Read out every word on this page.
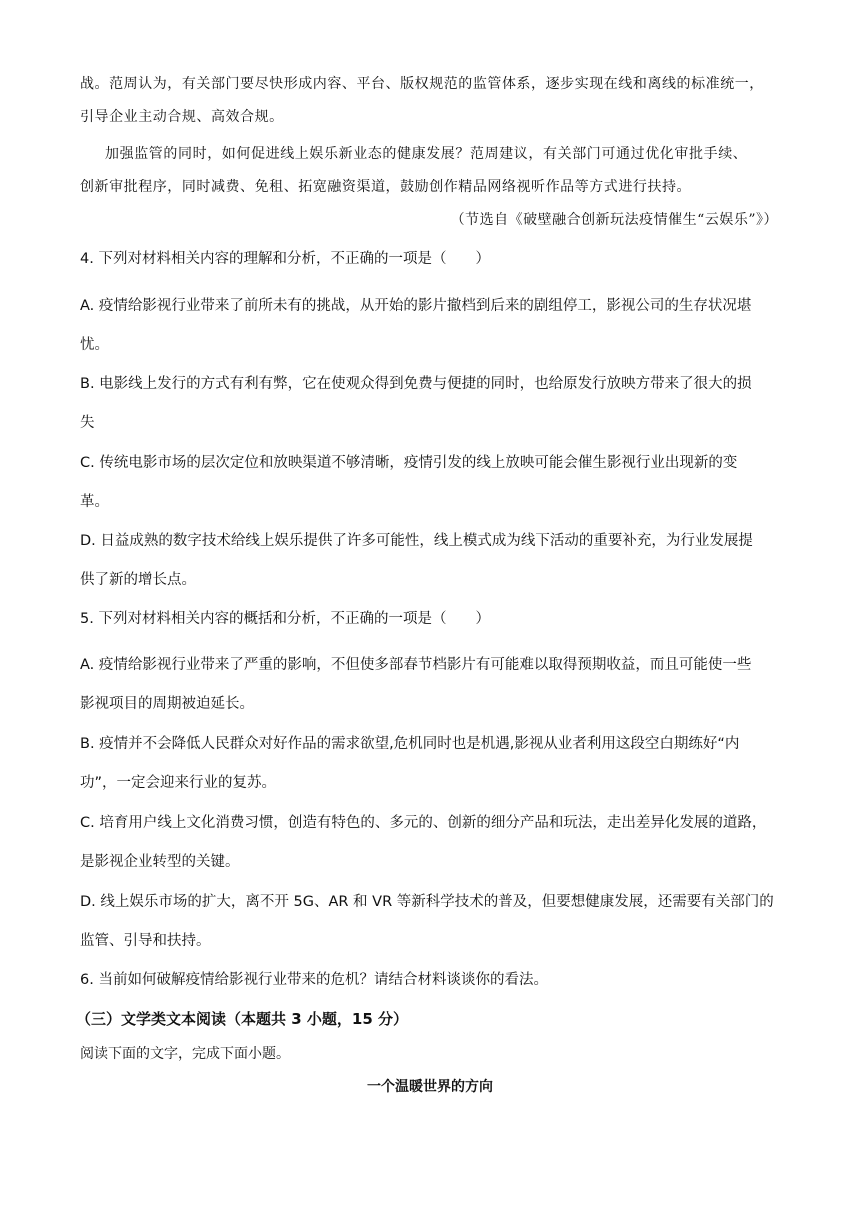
战。范周认为，有关部门要尽快形成内容、平台、版权规范的监管体系，逐步实现在线和离线的标准统一，
引导企业主动合规、高效合规。
加强监管的同时，如何促进线上娱乐新业态的健康发展？范周建议，有关部门可通过优化审批手续、
创新审批程序，同时减费、免租、拓宽融资渠道，鼓励创作精品网络视听作品等方式进行扶持。
（节选自《破壁融合创新玩法疫情催生“云娱乐”》）
4. 下列对材料相关内容的理解和分析，不正确的一项是（　　）
A. 疫情给影视行业带来了前所未有的挑战，从开始的影片撤档到后来的剧组停工，影视公司的生存状况堪
忧。
B. 电影线上发行的方式有利有弊，它在使观众得到免费与便捷的同时，也给原发行放映方带来了很大的损
失
C. 传统电影市场的层次定位和放映渠道不够清晰，疫情引发的线上放映可能会催生影视行业出现新的变
革。
D. 日益成熟的数字技术给线上娱乐提供了许多可能性，线上模式成为线下活动的重要补充，为行业发展提
供了新的增长点。
5. 下列对材料相关内容的概括和分析，不正确的一项是（　　）
A. 疫情给影视行业带来了严重的影响，不但使多部春节档影片有可能难以取得预期收益，而且可能使一些
影视项目的周期被迫延长。
B. 疫情并不会降低人民群众对好作品的需求欲望,危机同时也是机遇,影视从业者利用这段空白期练好“内
功”，一定会迎来行业的复苏。
C. 培育用户线上文化消费习惯，创造有特色的、多元的、创新的细分产品和玩法，走出差异化发展的道路，
是影视企业转型的关键。
D. 线上娱乐市场的扩大，离不开 5G、AR 和 VR 等新科学技术的普及，但要想健康发展，还需要有关部门的
监管、引导和扶持。
6. 当前如何破解疫情给影视行业带来的危机？请结合材料谈谈你的看法。
（三）文学类文本阅读（本题共 3 小题，15 分）
阅读下面的文字，完成下面小题。
一个温暖世界的方向
